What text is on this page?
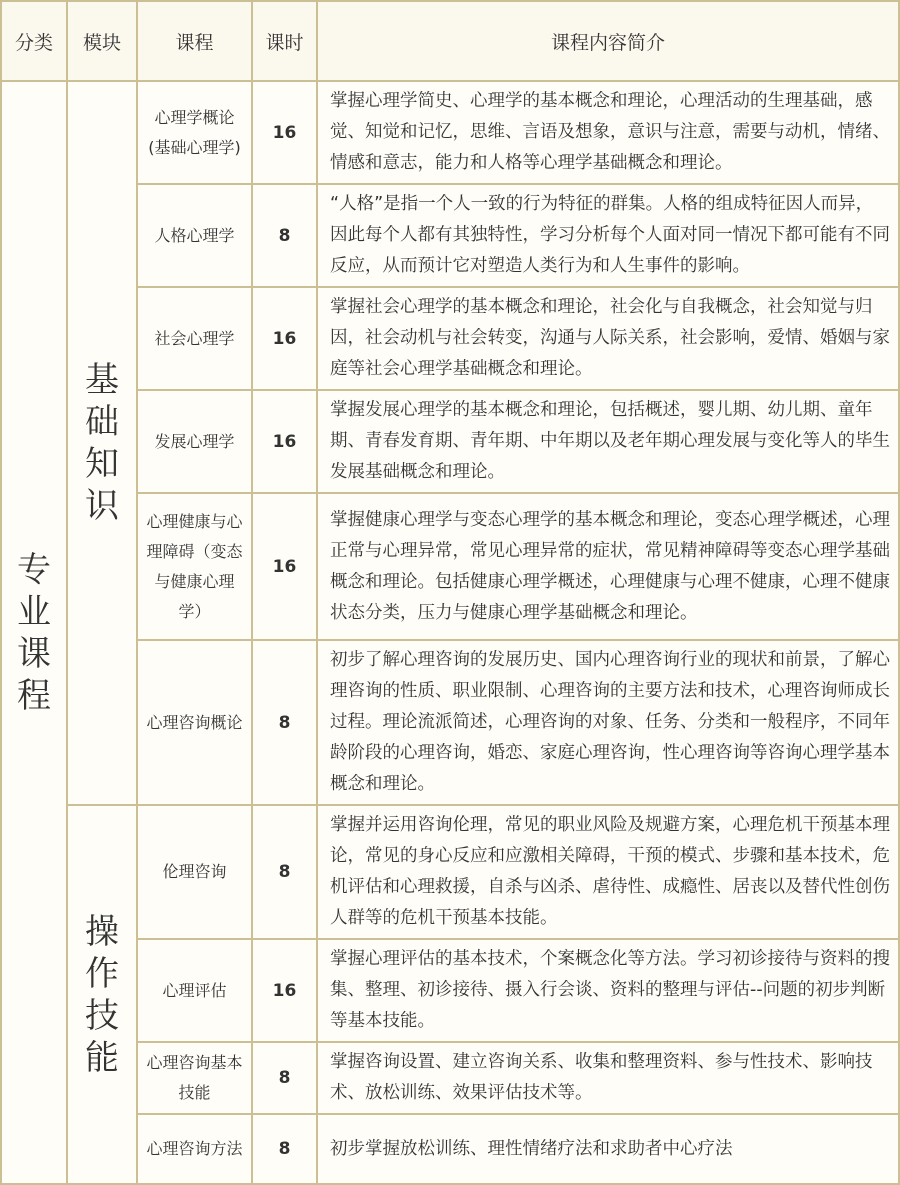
分类	模块	课程	课时	课程内容简介
专业课程	基础知识	心理学概论(基础心理学)	16	掌握心理学简史、心理学的基本概念和理论，心理活动的生理基础，感觉、知觉和记忆，思维、言语及想象，意识与注意，需要与动机，情绪、情感和意志，能力和人格等心理学基础概念和理论。
		人格心理学	8	“人格”是指一个人一致的行为特征的群集。人格的组成特征因人而异，因此每个人都有其独特性，学习分析每个人面对同一情况下都可能有不同反应，从而预计它对塑造人类行为和人生事件的影响。
		社会心理学	16	掌握社会心理学的基本概念和理论，社会化与自我概念，社会知觉与归因，社会动机与社会转变，沟通与人际关系，社会影响，爱情、婚姻与家庭等社会心理学基础概念和理论。
		发展心理学	16	掌握发展心理学的基本概念和理论，包括概述，婴儿期、幼儿期、童年期、青春发育期、青年期、中年期以及老年期心理发展与变化等人的毕生发展基础概念和理论。
		心理健康与心理障碍（变态与健康心理学）	16	掌握健康心理学与变态心理学的基本概念和理论，变态心理学概述，心理正常与心理异常，常见心理异常的症状，常见精神障碍等变态心理学基础概念和理论。包括健康心理学概述，心理健康与心理不健康，心理不健康状态分类，压力与健康心理学基础概念和理论。
		心理咨询概论	8	初步了解心理咨询的发展历史、国内心理咨询行业的现状和前景，了解心理咨询的性质、职业限制、心理咨询的主要方法和技术，心理咨询师成长过程。理论流派简述，心理咨询的对象、任务、分类和一般程序，不同年龄阶段的心理咨询，婚恋、家庭心理咨询，性心理咨询等咨询心理学基本概念和理论。
	操作技能	伦理咨询	8	掌握并运用咨询伦理，常见的职业风险及规避方案，心理危机干预基本理论，常见的身心反应和应激相关障碍，干预的模式、步骤和基本技术，危机评估和心理救援，自杀与凶杀、虐待性、成瘾性、居丧以及替代性创伤人群等的危机干预基本技能。
		心理评估	16	掌握心理评估的基本技术，个案概念化等方法。学习初诊接待与资料的搜集、整理、初诊接待、摄入行会谈、资料的整理与评估--问题的初步判断等基本技能。
		心理咨询基本技能	8	掌握咨询设置、建立咨询关系、收集和整理资料、参与性技术、影响技术、放松训练、效果评估技术等。
		心理咨询方法	8	初步掌握放松训练、理性情绪疗法和求助者中心疗法
